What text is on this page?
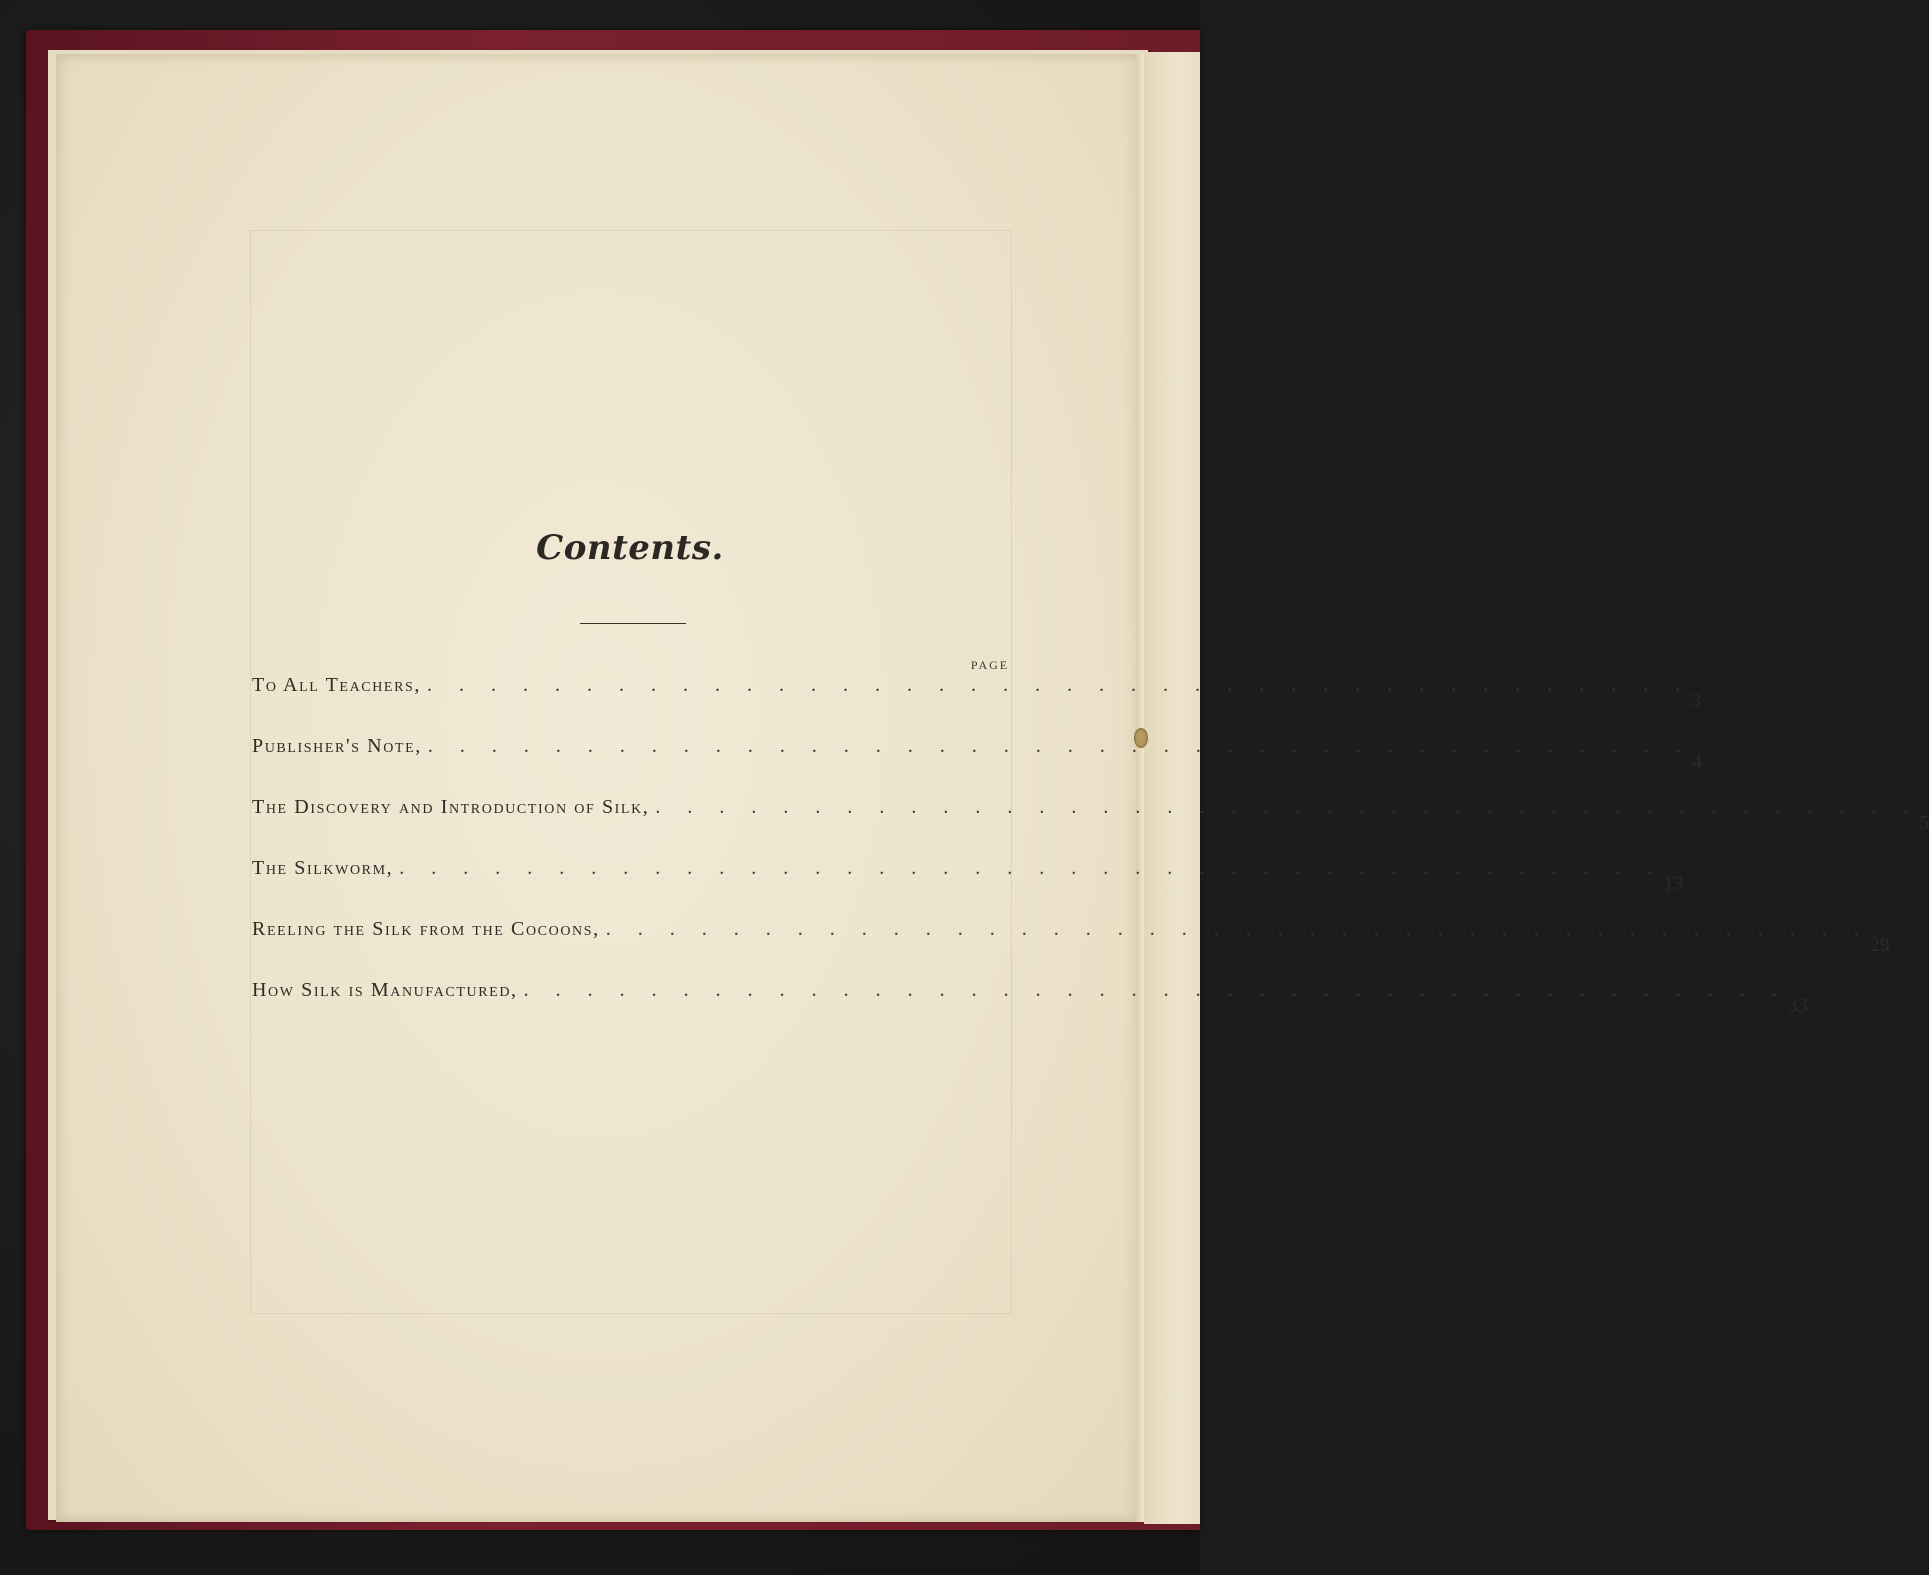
Contents.
PAGE
To All Teachers, . . . . . . . . . . . . . . . . . . . . . . . . . . . . . . . . . . . . . . . .
3
Publisher's Note, . . . . . . . . . . . . . . . . . . . . . . . . . . . . . . . . . . . . . . . .
4
The Discovery and Introduction of Silk, . . . . . . . . . . . . . . . . . . . . . . . . . . . . . . . . . . . . . . . .
5
The Silkworm, . . . . . . . . . . . . . . . . . . . . . . . . . . . . . . . . . . . . . . . .
13
Reeling the Silk from the Cocoons, . . . . . . . . . . . . . . . . . . . . . . . . . . . . . . . . . . . . . . . .
29
How Silk is Manufactured, . . . . . . . . . . . . . . . . . . . . . . . . . . . . . . . . . . . . . . . .
33
